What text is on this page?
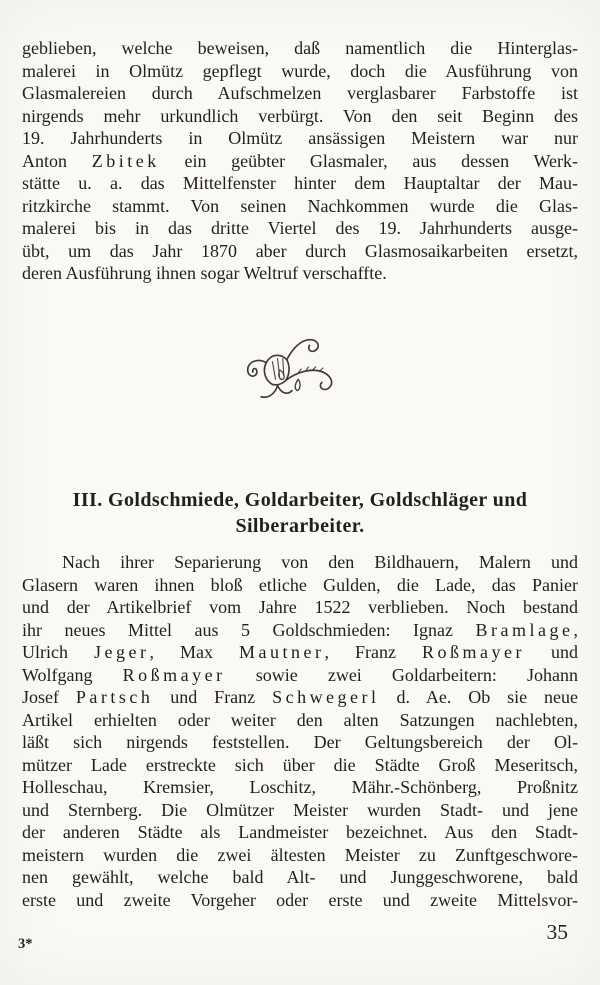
geblieben, welche beweisen, daß namentlich die Hinterglas-
malerei in Olmütz gepflegt wurde, doch die Ausführung von
Glasmalereien durch Aufschmelzen verglasbarer Farbstoffe ist
nirgends mehr urkundlich verbürgt. Von den seit Beginn des
19. Jahrhunderts in Olmütz ansässigen Meistern war nur
Anton Zbitek ein geübter Glasmaler, aus dessen Werk-
stätte u. a. das Mittelfenster hinter dem Hauptaltar der Mau-
ritzkirche stammt. Von seinen Nachkommen wurde die Glas-
malerei bis in das dritte Viertel des 19. Jahrhunderts ausge-
übt, um das Jahr 1870 aber durch Glasmosaikarbeiten ersetzt,
deren Ausführung ihnen sogar Weltruf verschaffte.
III. Goldschmiede, Goldarbeiter, Goldschläger und
Silberarbeiter.
Nach ihrer Separierung von den Bildhauern, Malern und
Glasern waren ihnen bloß etliche Gulden, die Lade, das Panier
und der Artikelbrief vom Jahre 1522 verblieben. Noch bestand
ihr neues Mittel aus 5 Goldschmieden: Ignaz Bramlage,
Ulrich Jeger, Max Mautner, Franz Roßmayer und
Wolfgang Roßmayer sowie zwei Goldarbeitern: Johann
Josef Partsch und Franz Schwegerl d. Ae. Ob sie neue
Artikel erhielten oder weiter den alten Satzungen nachlebten,
läßt sich nirgends feststellen. Der Geltungsbereich der Ol-
mützer Lade erstreckte sich über die Städte Groß Meseritsch,
Holleschau, Kremsier, Loschitz, Mähr.-Schönberg, Proßnitz
und Sternberg. Die Olmützer Meister wurden Stadt- und jene
der anderen Städte als Landmeister bezeichnet. Aus den Stadt-
meistern wurden die zwei ältesten Meister zu Zunftgeschwore-
nen gewählt, welche bald Alt- und Junggeschworene, bald
erste und zweite Vorgeher oder erste und zweite Mittelsvor-
3*	35
